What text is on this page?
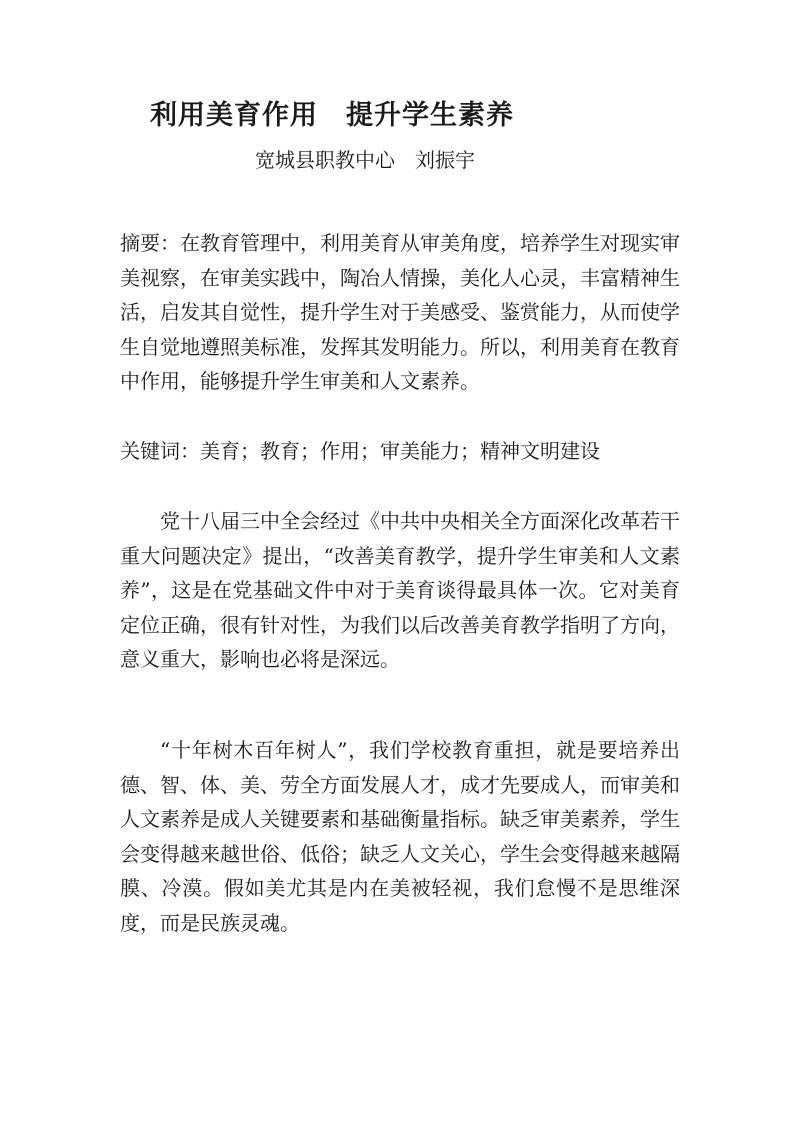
利用美育作用　提升学生素养
宽城县职教中心　刘振宇
摘要：在教育管理中，利用美育从审美角度，培养学生对现实审美视察，在审美实践中，陶冶人情操，美化人心灵，丰富精神生活，启发其自觉性，提升学生对于美感受、鉴赏能力，从而使学生自觉地遵照美标准，发挥其发明能力。所以，利用美育在教育中作用，能够提升学生审美和人文素养。
关键词：美育；教育；作用；审美能力；精神文明建设
党十八届三中全会经过《中共中央相关全方面深化改革若干重大问题决定》提出，“改善美育教学，提升学生审美和人文素养”，这是在党基础文件中对于美育谈得最具体一次。它对美育定位正确，很有针对性，为我们以后改善美育教学指明了方向，意义重大，影响也必将是深远。
“十年树木百年树人”，我们学校教育重担，就是要培养出德、智、体、美、劳全方面发展人才，成才先要成人，而审美和人文素养是成人关键要素和基础衡量指标。缺乏审美素养，学生会变得越来越世俗、低俗；缺乏人文关心，学生会变得越来越隔膜、冷漠。假如美尤其是内在美被轻视，我们怠慢不是思维深度，而是民族灵魂。
